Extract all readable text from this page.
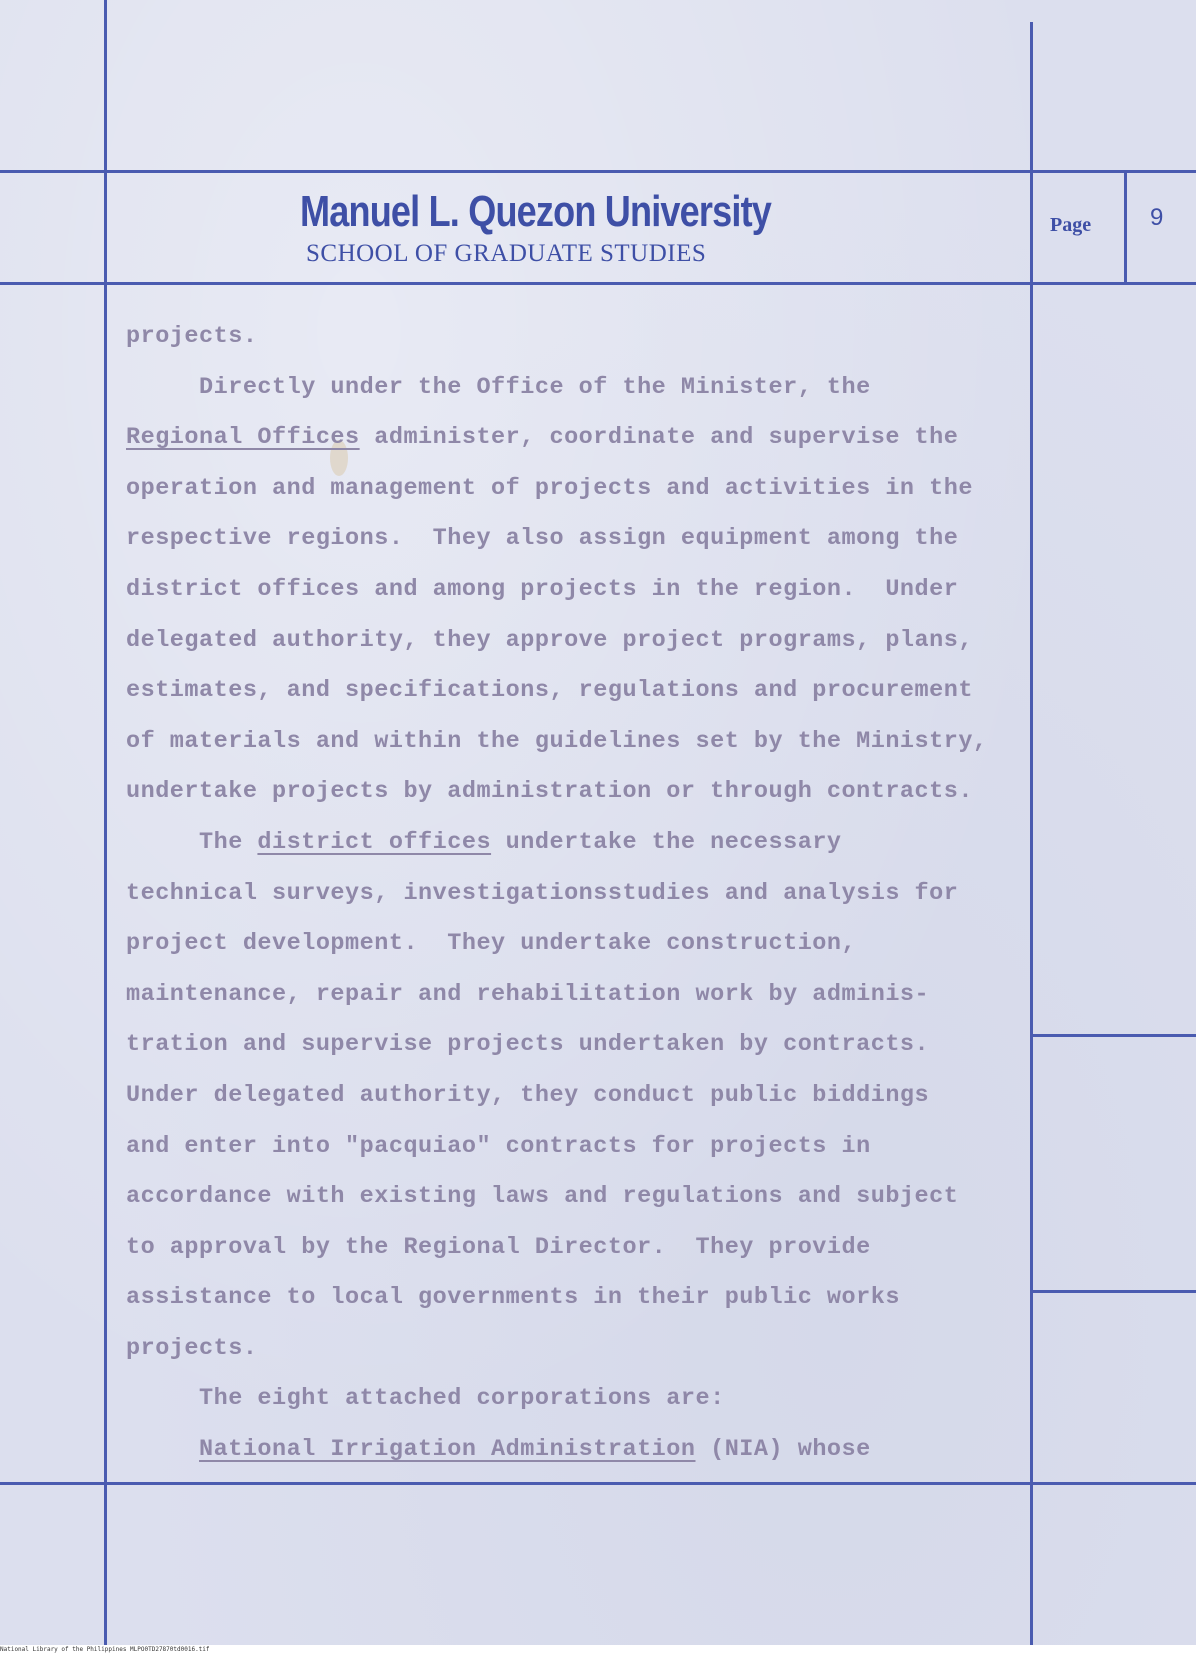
Manuel L. Quezon University
SCHOOL OF GRADUATE STUDIES
Page 9
projects.
Directly under the Office of the Minister, the
Regional Offices administer, coordinate and supervise the
operation and management of projects and activities in the
respective regions.  They also assign equipment among the
district offices and among projects in the region.  Under
delegated authority, they approve project programs, plans,
estimates, and specifications, regulations and procurement
of materials and within the guidelines set by the Ministry,
undertake projects by administration or through contracts.
The district offices undertake the necessary
technical surveys, investigationsstudies and analysis for
project development.  They undertake construction,
maintenance, repair and rehabilitation work by adminis-
tration and supervise projects undertaken by contracts.
Under delegated authority, they conduct public biddings
and enter into "pacquiao" contracts for projects in
accordance with existing laws and regulations and subject
to approval by the Regional Director.  They provide
assistance to local governments in their public works
projects.
The eight attached corporations are:
National Irrigation Administration (NIA) whose
National Library of the Philippines MLPO0TD27870td0016.tif
